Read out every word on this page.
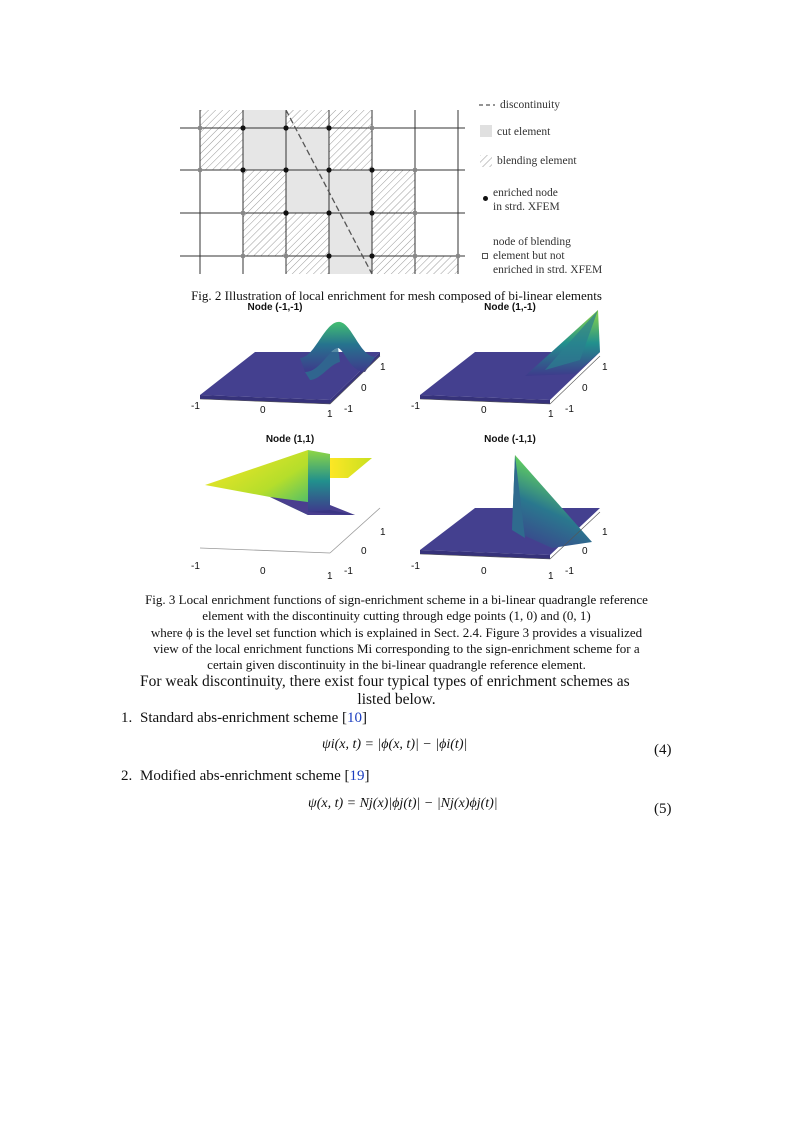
discontinuity
cut element
blending element
enriched node
in strd. XFEM
node of blending
element but not
enriched in strd. XFEM
Fig. 2 Illustration of local enrichment for mesh composed of bi-linear elements
Node (-1,-1)	Node (1,-1)
Node (1,1)	Node (-1,1)
-1	0	1 -1
0
1
-1	0	1 -1
0
1
-1	0	1 -1
0
1
-1	0	1 -1
0
1
Fig. 3 Local enrichment functions of sign-enrichment scheme in a bi-linear quadrangle reference
element with the discontinuity cutting through edge points (1, 0) and (0, 1)
where ϕ is the level set function which is explained in Sect. 2.4. Figure 3 provides a visualized
view of the local enrichment functions Mi corresponding to the sign-enrichment scheme for a
certain given discontinuity in the bi-linear quadrangle reference element.
For weak discontinuity, there exist four typical types of enrichment schemes as
listed below.
1. Standard abs-enrichment scheme [10]
ψi(x, t) = |ϕ(x, t)| − |ϕi(t)|	(4)
2. Modified abs-enrichment scheme [19]
ψ(x, t) = Nj(x)|ϕj(t)| − |Nj(x)ϕj(t)|	(5)
